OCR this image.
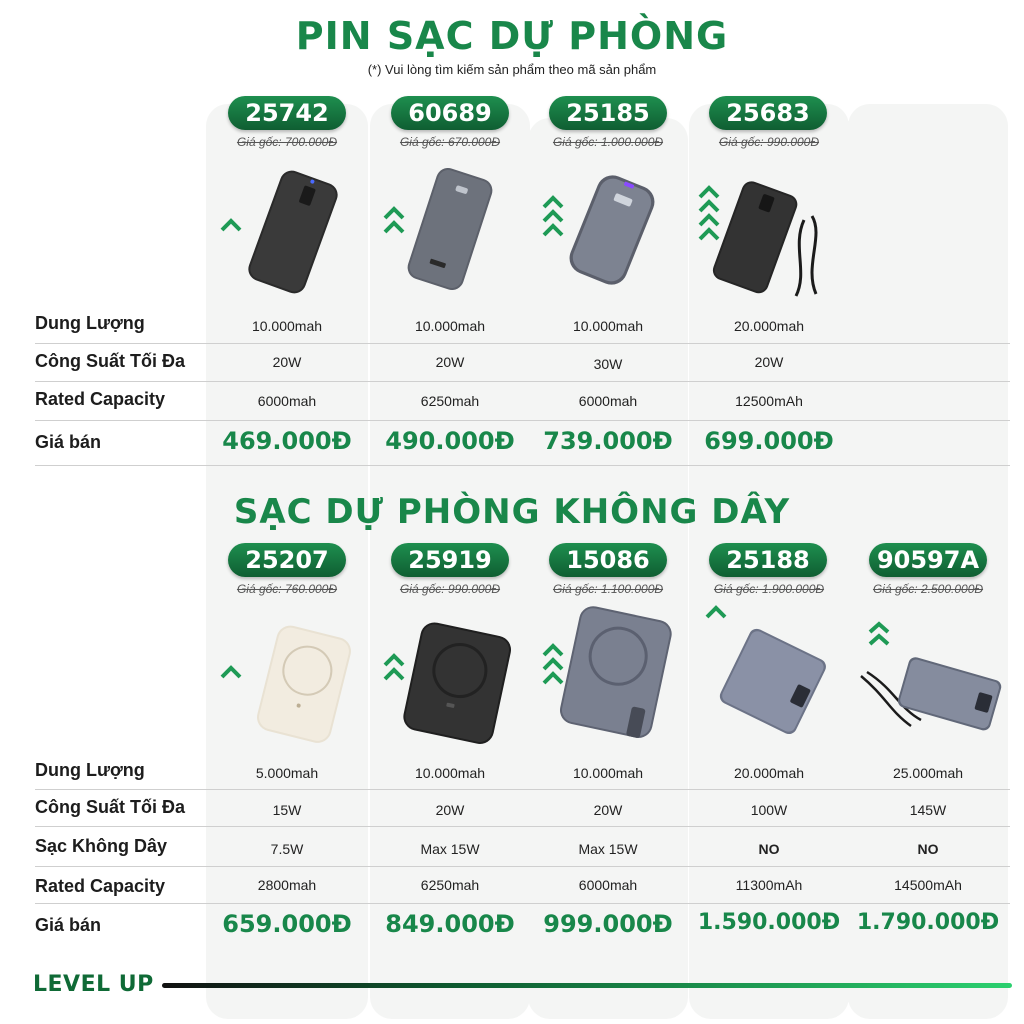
PIN SẠC DỰ PHÒNG
(*) Vui lòng tìm kiếm sản phẩm theo mã sản phẩm
25742	60689	25185	25683
Giá gốc: 700.000Đ	Giá gốc: 670.000Đ	Giá gốc: 1.000.000Đ	Giá gốc: 990.000Đ
Dung Lượng	10.000mah	10.000mah	10.000mah	20.000mah
Công Suất Tối Đa	20W	20W	30W	20W
Rated Capacity	6000mah	6250mah	6000mah	12500mAh
Giá bán	469.000Đ	490.000Đ	739.000Đ	699.000Đ
SẠC DỰ PHÒNG KHÔNG DÂY
25207	25919	15086	25188	90597A
Giá gốc: 760.000Đ	Giá gốc: 990.000Đ	Giá gốc: 1.100.000Đ	Giá gốc: 1.900.000Đ	Giá gốc: 2.500.000Đ
Dung Lượng	5.000mah	10.000mah	10.000mah	20.000mah	25.000mah
Công Suất Tối Đa	15W	20W	20W	100W	145W
Sạc Không Dây	7.5W	Max 15W	Max 15W	NO	NO
Rated Capacity	2800mah	6250mah	6000mah	11300mAh	14500mAh
Giá bán	659.000Đ	849.000Đ	999.000Đ	1.590.000Đ 1.790.000Đ
LEVEL UP
